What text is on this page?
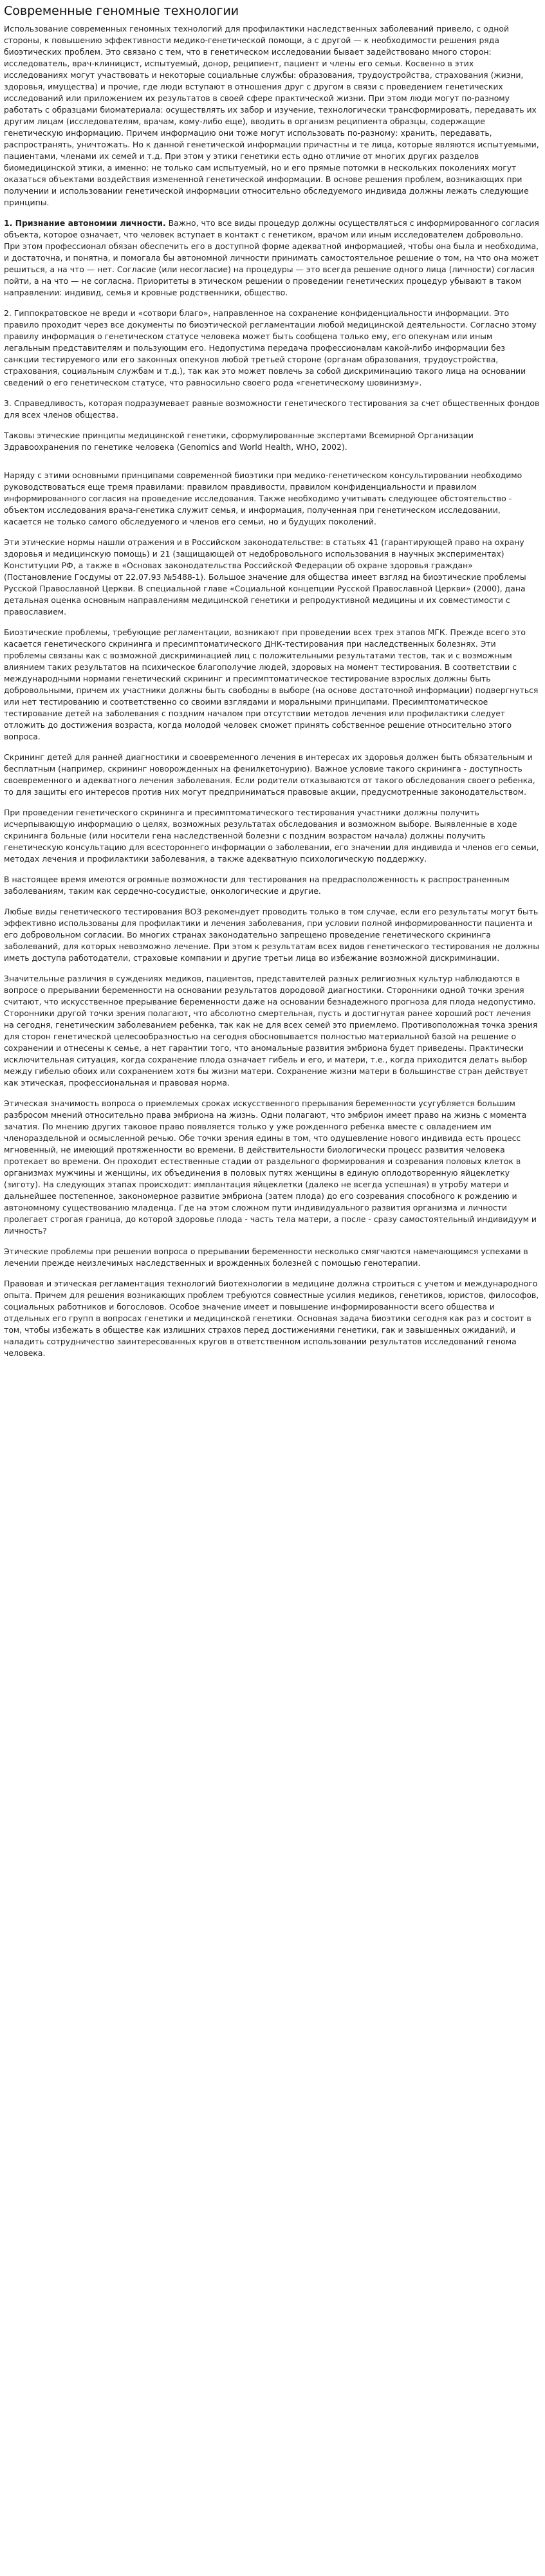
Современные геномные технологии

Использование современных геномных технологий для профилактики наследственных заболеваний привело, с одной стороны, к повышению эффективности медико-генетической помощи, а с другой — к необходимости решения ряда биоэтических проблем. Это связано с тем, что в генетическом исследовании бывает задействовано много сторон: исследователь, врач-клиницист, испытуемый, донор, реципиент, пациент и члены его семьи. Косвенно в этих исследованиях могут участвовать и некоторые социальные службы: образования, трудоустройства, страхования (жизни, здоровья, имущества) и прочие, где люди вступают в отношения друг с другом в связи с проведением генетических исследований или приложением их результатов в своей сфере практической жизни. При этом люди могут по-разному работать с образцами биоматериала: осуществлять их забор и изучение, технологически трансформировать, передавать их другим лицам (исследователям, врачам, кому-либо еще), вводить в организм реципиента образцы, содержащие генетическую информацию. Причем информацию они тоже могут использовать по-разному: хранить, передавать, распространять, уничтожать. Но к данной генетической информации причастны и те лица, которые являются испытуемыми, пациентами, членами их семей и т.д. При этом у этики генетики есть одно отличие от многих других разделов биомедицинской этики, а именно: не только сам испытуемый, но и его прямые потомки в нескольких поколениях могут оказаться объектами воздействия измененной генетической информации. В основе решения проблем, возникающих при получении и использовании генетической информации относительно обследуемого индивида должны лежать следующие принципы.

1. Признание автономии личности. Важно, что все виды процедур должны осуществляться с информированного согласия объекта, которое означает, что человек вступает в контакт с генетиком, врачом или иным исследователем добровольно. При этом профессионал обязан обеспечить его в доступной форме адекватной информацией, чтобы она была и необходима, и достаточна, и понятна, и помогала бы автономной личности принимать самостоятельное решение о том, на что она может решиться, а на что — нет. Согласие (или несогласие) на процедуры — это всегда решение одного лица (личности) согласия пойти, а на что — не согласна. Приоритеты в этическом решении о проведении генетических процедур убывают в таком направлении: индивид, семья и кровные родственники, общество.

2. Гиппократовское не вреди и «сотвори благо», направленное на сохранение конфиденциальности информации. Это правило проходит через все документы по биоэтической регламентации любой медицинской деятельности. Согласно этому правилу информация о генетическом статусе человека может быть сообщена только ему, его опекунам или иным легальным представителям и пользующим его. Недопустима передача профессионалам какой-либо информации без санкции тестируемого или его законных опекунов любой третьей стороне (органам образования, трудоустройства, страхования, социальным службам и т.д.), так как это может повлечь за собой дискриминацию такого лица на основании сведений о его генетическом статусе, что равносильно своего рода «генетическому шовинизму».

3. Справедливость, которая подразумевает равные возможности генетического тестирования за счет общественных фондов для всех членов общества.

Таковы этические принципы медицинской генетики, сформулированные экспертами Всемирной Организации Здравоохранения по генетике человека (Genomics and World Health, WHO, 2002).

Наряду с этими основными принципами современной биоэтики при медико-генетическом консультировании необходимо руководствоваться еще тремя правилами: правилом правдивости, правилом конфиденциальности и правилом информированного согласия на проведение исследования. Также необходимо учитывать следующее обстоятельство - объектом исследования врача-генетика служит семья, и информация, полученная при генетическом исследовании, касается не только самого обследуемого и членов его семьи, но и будущих поколений.

Эти этические нормы нашли отражения и в Российском законодательстве: в статьях 41 (гарантирующей право на охрану здоровья и медицинскую помощь) и 21 (защищающей от недобровольного использования в научных экспериментах) Конституции РФ, а также в «Основах законодательства Российской Федерации об охране здоровья граждан» (Постановление Госдумы от 22.07.93 №5488-1). Большое значение для общества имеет взгляд на биоэтические проблемы Русской Православной Церкви. В специальной главе «Социальной концепции Русской Православной Церкви» (2000), дана детальная оценка основным направлениям медицинской генетики и репродуктивной медицины и их совместимости с православием.

Биоэтические проблемы, требующие регламентации, возникают при проведении всех трех этапов МГК. Прежде всего это касается генетического скрининга и пресимптоматического ДНК-тестирования при наследственных болезнях. Эти проблемы связаны как с возможной дискриминацией лиц с положительными результатами тестов, так и с возможным влиянием таких результатов на психическое благополучие людей, здоровых на момент тестирования. В соответствии с международными нормами генетический скрининг и пресимптоматическое тестирование взрослых должны быть добровольными, причем их участники должны быть свободны в выборе (на основе достаточной информации) подвергнуться или нет тестированию и соответственно со своими взглядами и моральными принципами. Пресимптоматическое тестирование детей на заболевания с поздним началом при отсутствии методов лечения или профилактики следует отложить до достижения возраста, когда молодой человек сможет принять собственное решение относительно этого вопроса.

Скрининг детей для ранней диагностики и своевременного лечения в интересах их здоровья должен быть обязательным и бесплатным (например, скрининг новорожденных на фенилкетонурию). Важное условие такого скрининга - доступность своевременного и адекватного лечения заболевания. Если родители отказываются от такого обследования своего ребенка, то для защиты его интересов против них могут предприниматься правовые акции, предусмотренные законодательством.

При проведении генетического скрининга и пресимптоматического тестирования участники должны получить исчерпывающую информацию о целях, возможных результатах обследования и возможном выборе. Выявленные в ходе скрининга больные (или носители гена наследственной болезни с поздним возрастом начала) должны получить генетическую консультацию для всестороннего информации о заболевании, его значении для индивида и членов его семьи, методах лечения и профилактики заболевания, а также адекватную психологическую поддержку.

В настоящее время имеются огромные возможности для тестирования на предрасположенность к распространенным заболеваниям, таким как сердечно-сосудистые, онкологические и другие.

Любые виды генетического тестирования ВОЗ рекомендует проводить только в том случае, если его результаты могут быть эффективно использованы для профилактики и лечения заболевания, при условии полной информированности пациента и его добровольном согласии. Во многих странах законодательно запрещено проведение генетического скрининга заболеваний, для которых невозможно лечение. При этом к результатам всех видов генетического тестирования не должны иметь доступа работодатели, страховые компании и другие третьи лица во избежание возможной дискриминации.

Значительные различия в суждениях медиков, пациентов, представителей разных религиозных культур наблюдаются в вопросе о прерывании беременности на основании результатов дородовой диагностики. Сторонники одной точки зрения считают, что искусственное прерывание беременности даже на основании безнадежного прогноза для плода недопустимо. Сторонники другой точки зрения полагают, что абсолютно смертельная, пусть и достигнутая ранее хороший рост лечения на сегодня, генетическим заболеванием ребенка, так как не для всех семей это приемлемо. Противоположная точка зрения для сторон генетической целесообразностью на сегодня обосновывается полностью материальной базой на решение о сохранении и отнесены к семье, а нет гарантии того, что аномальные развития эмбриона будет приведены. Практически исключительная ситуация, когда сохранение плода означает гибель и его, и матери, т.е., когда приходится делать выбор между гибелью обоих или сохранением хотя бы жизни матери. Сохранение жизни матери в большинстве стран действует как этическая, профессиональная и правовая норма.

Этическая значимость вопроса о приемлемых сроках искусственного прерывания беременности усугубляется большим разбросом мнений относительно права эмбриона на жизнь. Одни полагают, что эмбрион имеет право на жизнь с момента зачатия. По мнению других таковое право появляется только у уже рожденного ребенка вместе с овладением им членораздельной и осмысленной речью. Обе точки зрения едины в том, что одушевление нового индивида есть процесс мгновенный, не имеющий протяженности во времени. В действительности биологически процесс развития человека протекает во времени. Он проходит естественные стадии от раздельного формирования и созревания половых клеток в организмах мужчины и женщины, их объединения в половых путях женщины в единую оплодотворенную яйцеклетку (зиготу). На следующих этапах происходит: имплантация яйцеклетки (далеко не всегда успешная) в утробу матери и дальнейшее постепенное, закономерное развитие эмбриона (затем плода) до его созревания способного к рождению и автономному существованию младенца. Где на этом сложном пути индивидуального развития организма и личности пролегает строгая граница, до которой здоровье плода - часть тела матери, а после - сразу самостоятельный индивидуум и личность?

Этические проблемы при решении вопроса о прерывании беременности несколько смягчаются намечающимся успехами в лечении прежде неизлечимых наследственных и врожденных болезней с помощью генотерапии.

Правовая и этическая регламентация технологий биотехнологии в медицине должна строиться с учетом и международного опыта. Причем для решения возникающих проблем требуются совместные усилия медиков, генетиков, юристов, философов, социальных работников и богословов. Особое значение имеет и повышение информированности всего общества и отдельных его групп в вопросах генетики и медицинской генетики. Основная задача биоэтики сегодня как раз и состоит в том, чтобы избежать в обществе как излишних страхов перед достижениями генетики, гак и завышенных ожиданий, и наладить сотрудничество заинтересованных кругов в ответственном использовании результатов исследований генома человека.
